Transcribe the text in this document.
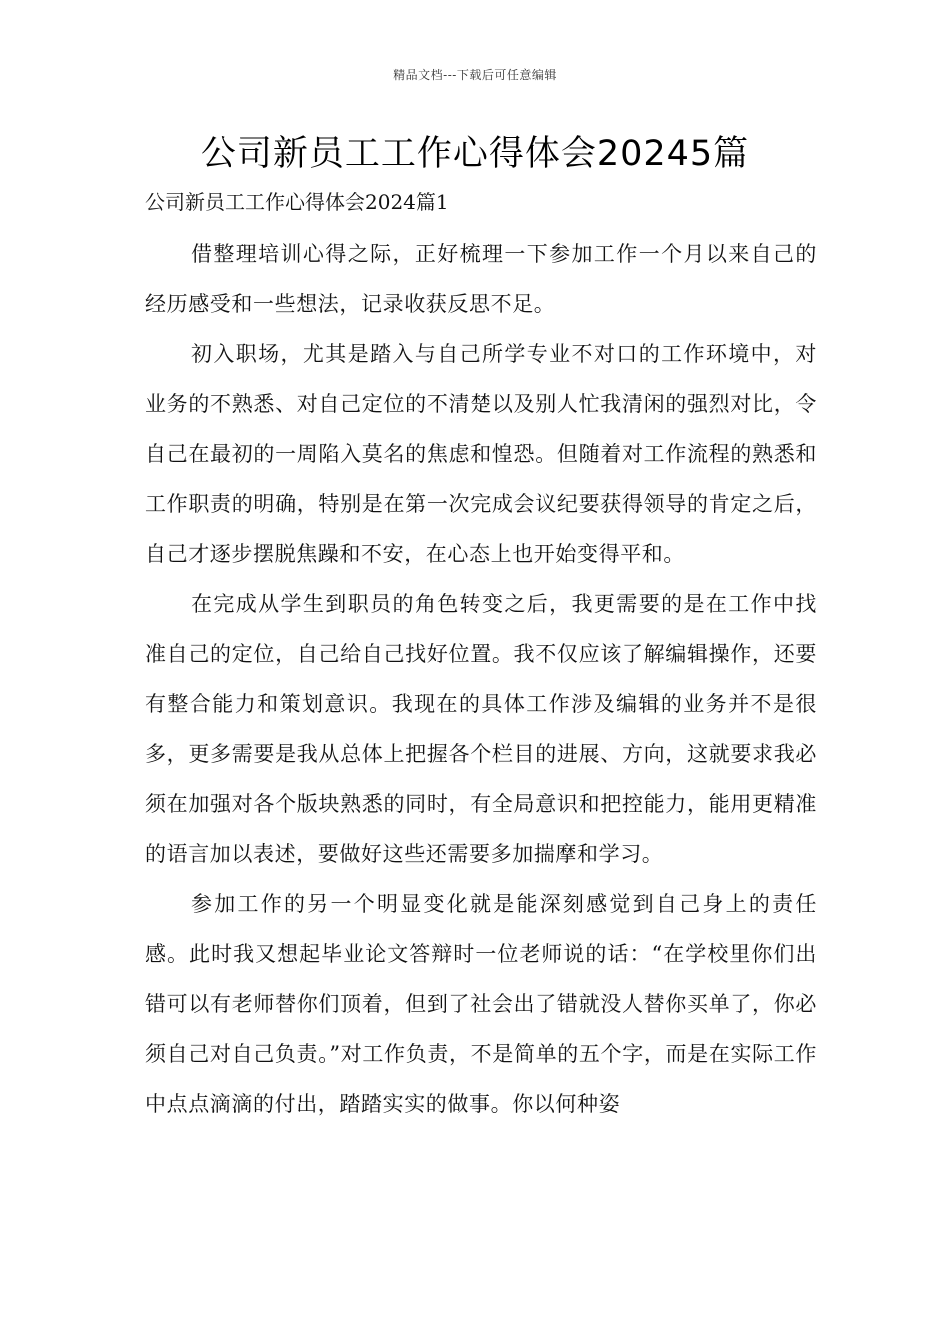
精品文档---下载后可任意编辑
公司新员工工作心得体会20245篇

公司新员工工作心得体会2024篇1

借整理培训心得之际，正好梳理一下参加工作一个月以来自己的经历感受和一些想法，记录收获反思不足。

初入职场，尤其是踏入与自己所学专业不对口的工作环境中，对业务的不熟悉、对自己定位的不清楚以及别人忙我清闲的强烈对比，令自己在最初的一周陷入莫名的焦虑和惶恐。但随着对工作流程的熟悉和工作职责的明确，特别是在第一次完成会议纪要获得领导的肯定之后，自己才逐步摆脱焦躁和不安，在心态上也开始变得平和。

在完成从学生到职员的角色转变之后，我更需要的是在工作中找准自己的定位，自己给自己找好位置。我不仅应该了解编辑操作，还要有整合能力和策划意识。我现在的具体工作涉及编辑的业务并不是很多，更多需要是我从总体上把握各个栏目的进展、方向，这就要求我必须在加强对各个版块熟悉的同时，有全局意识和把控能力，能用更精准的语言加以表述，要做好这些还需要多加揣摩和学习。

参加工作的另一个明显变化就是能深刻感觉到自己身上的责任感。此时我又想起毕业论文答辩时一位老师说的话：“在学校里你们出错可以有老师替你们顶着，但到了社会出了错就没人替你买单了，你必须自己对自己负责。”对工作负责，不是简单的五个字，而是在实际工作中点点滴滴的付出，踏踏实实的做事。你以何种姿
